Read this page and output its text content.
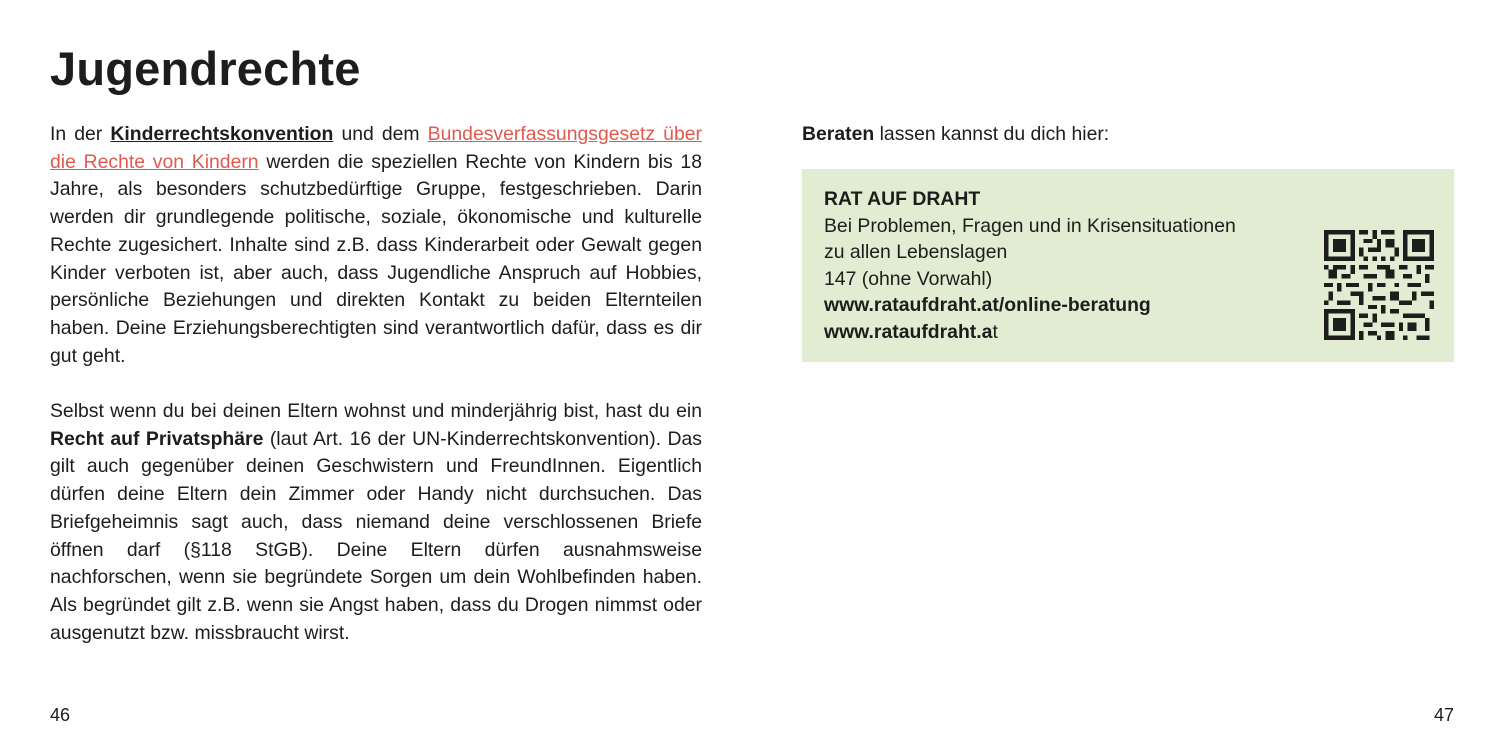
Jugendrechte

In der Kinderrechtskonvention und dem Bundesverfassungsgesetz über die Rechte von Kindern werden die speziellen Rechte von Kindern bis 18 Jahre, als besonders schutzbedürftige Gruppe, festgeschrieben. Darin werden dir grundlegende politische, soziale, ökonomische und kulturelle Rechte zugesichert. Inhalte sind z.B. dass Kinderarbeit oder Gewalt gegen Kinder verboten ist, aber auch, dass Jugendliche Anspruch auf Hobbies, persönliche Beziehungen und direkten Kontakt zu beiden Elternteilen haben. Deine Erziehungsberechtigten sind verantwortlich dafür, dass es dir gut geht.

Selbst wenn du bei deinen Eltern wohnst und minderjährig bist, hast du ein Recht auf Privatsphäre (laut Art. 16 der UN-Kinderrechtskonvention). Das gilt auch gegenüber deinen Geschwistern und FreundInnen. Eigentlich dürfen deine Eltern dein Zimmer oder Handy nicht durchsuchen. Das Briefgeheimnis sagt auch, dass niemand deine verschlossenen Briefe öffnen darf (§118 StGB). Deine Eltern dürfen ausnahmsweise nachforschen, wenn sie begründete Sorgen um dein Wohlbefinden haben. Als begründet gilt z.B. wenn sie Angst haben, dass du Drogen nimmst oder ausgenutzt bzw. missbraucht wirst.

Beraten lassen kannst du dich hier:

RAT AUF DRAHT
Bei Problemen, Fragen und in Krisensituationen
zu allen Lebenslagen
147 (ohne Vorwahl)
www.rataufdraht.at/online-beratung
www.rataufdraht.at
46	47
